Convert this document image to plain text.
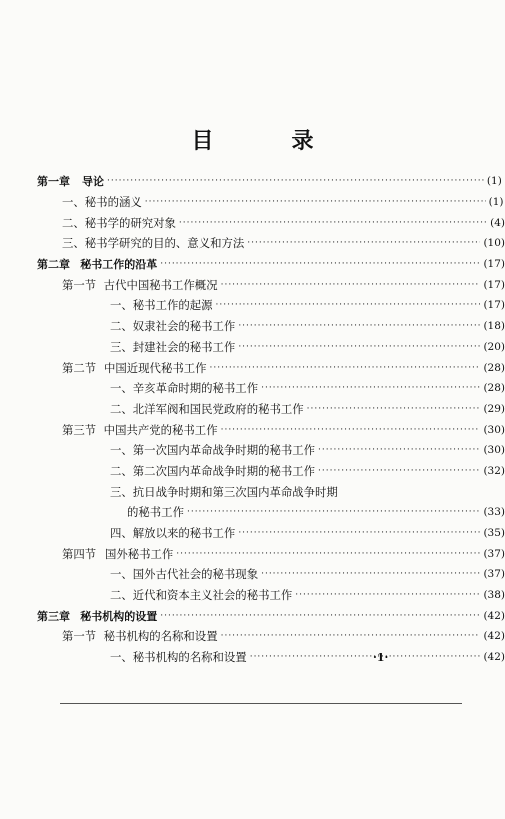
目　录
第一章 导论 ·····	(1)
一、秘书的涵义 ·····	(1)
二、秘书学的研究对象 ·····	(4)
三、秘书学研究的目的、意义和方法 ·····	(10)
第二章 秘书工作的沿革 ·····	(17)
第一节 古代中国秘书工作概况 ·····	(17)
一、秘书工作的起源 ·····	(17)
二、奴隶社会的秘书工作 ·····	(18)
三、封建社会的秘书工作 ·····	(20)
第二节 中国近现代秘书工作 ·····	(28)
一、辛亥革命时期的秘书工作 ·····	(28)
二、北洋军阀和国民党政府的秘书工作 ·····	(29)
第三节 中国共产党的秘书工作 ·····	(30)
一、第一次国内革命战争时期的秘书工作 ·····	(30)
二、第二次国内革命战争时期的秘书工作 ·····	(32)
三、抗日战争时期和第三次国内革命战争时期
的秘书工作 ·····	(33)
四、解放以来的秘书工作 ·····	(35)
第四节 国外秘书工作 ·····	(37)
一、国外古代社会的秘书现象 ·····	(37)
二、近代和资本主义社会的秘书工作 ·····	(38)
第三章 秘书机构的设置 ·····	(42)
第一节 秘书机构的名称和设置 ·····	(42)
一、秘书机构的名称和设置 ·····	(42)
·1·
